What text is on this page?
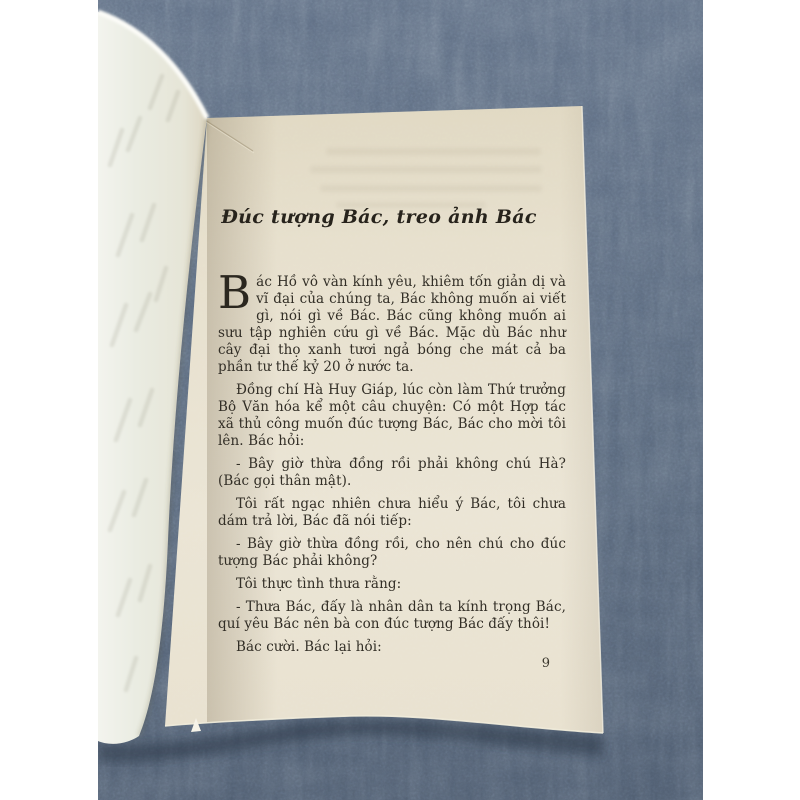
Đúc tượng Bác, treo ảnh Bác

Bác Hồ vô vàn kính yêu, khiêm tốn giản dị và vĩ đại của chúng ta, Bác không muốn ai viết gì, nói gì về Bác. Bác cũng không muốn ai sưu tập nghiên cứu gì về Bác. Mặc dù Bác như cây đại thọ xanh tươi ngả bóng che mát cả ba phần tư thế kỷ 20 ở nước ta.

Đồng chí Hà Huy Giáp, lúc còn làm Thứ trưởng Bộ Văn hóa kể một câu chuyện: Có một Hợp tác xã thủ công muốn đúc tượng Bác, Bác cho mời tôi lên. Bác hỏi:

- Bây giờ thừa đồng rồi phải không chú Hà? (Bác gọi thân mật).

Tôi rất ngạc nhiên chưa hiểu ý Bác, tôi chưa dám trả lời, Bác đã nói tiếp:

- Bây giờ thừa đồng rồi, cho nên chú cho đúc tượng Bác phải không?

Tôi thực tình thưa rằng:

- Thưa Bác, đấy là nhân dân ta kính trọng Bác, quí yêu Bác nên bà con đúc tượng Bác đấy thôi!

Bác cười. Bác lại hỏi:

9
